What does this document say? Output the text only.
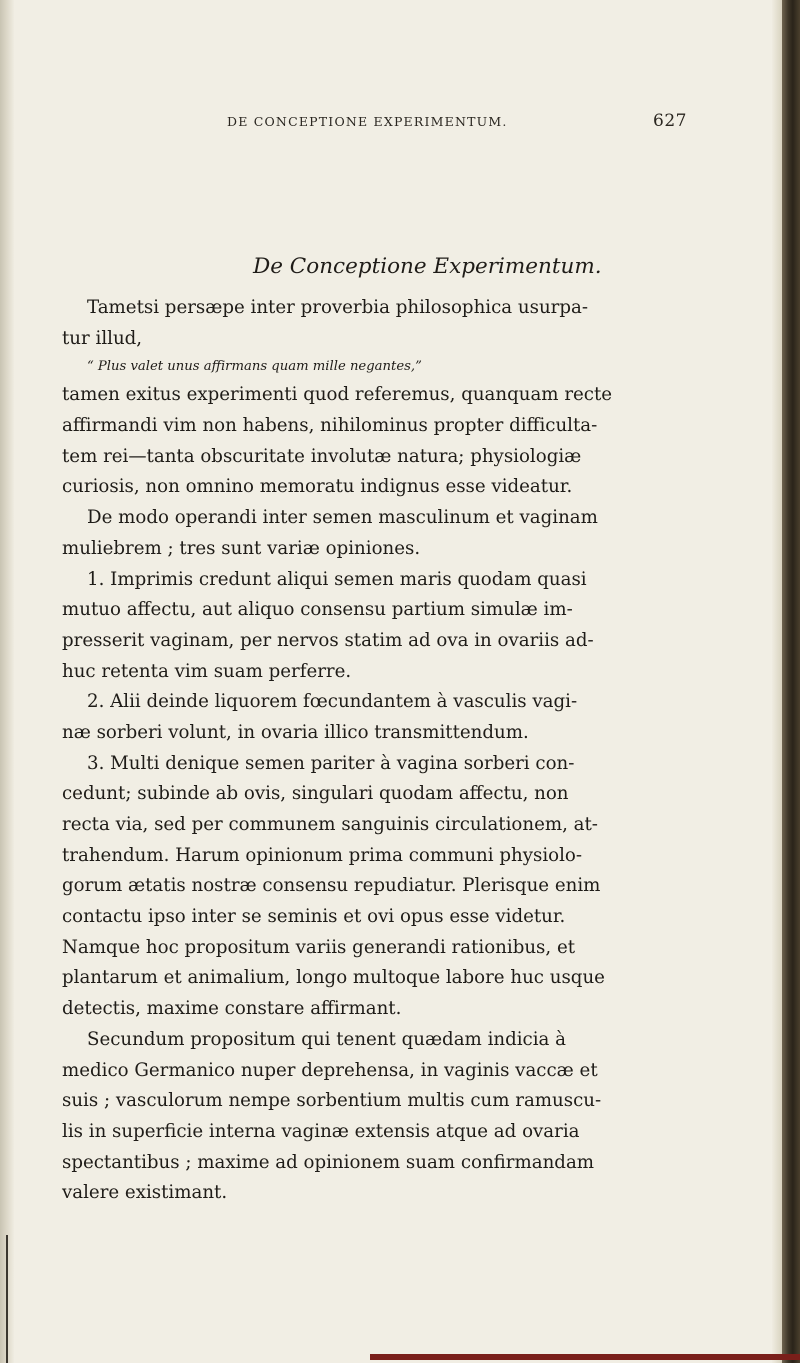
DE CONCEPTIONE EXPERIMENTUM.	627
De Conceptione Experimentum.
Tametsi persæpe inter proverbia philosophica usurpa-
tur illud,
“ Plus valet unus affirmans quam mille negantes,”
tamen exitus experimenti quod referemus, quanquam recte
affirmandi vim non habens, nihilominus propter difficulta-
tem rei—tanta obscuritate involutæ natura; physiologiæ
curiosis, non omnino memoratu indignus esse videatur.
De modo operandi inter semen masculinum et vaginam
muliebrem ; tres sunt variæ opiniones.
1. Imprimis credunt aliqui semen maris quodam quasi
mutuo affectu, aut aliquo consensu partium simulæ im-
presserit vaginam, per nervos statim ad ova in ovariis ad-
huc retenta vim suam perferre.
2. Alii deinde liquorem fœcundantem à vasculis vagi-
næ sorberi volunt, in ovaria illico transmittendum.
3. Multi denique semen pariter à vagina sorberi con-
cedunt; subinde ab ovis, singulari quodam affectu, non
recta via, sed per communem sanguinis circulationem, at-
trahendum. Harum opinionum prima communi physiolo-
gorum ætatis nostræ consensu repudiatur. Plerisque enim
contactu ipso inter se seminis et ovi opus esse videtur.
Namque hoc propositum variis generandi rationibus, et
plantarum et animalium, longo multoque labore huc usque
detectis, maxime constare affirmant.
Secundum propositum qui tenent quædam indicia à
medico Germanico nuper deprehensa, in vaginis vaccæ et
suis ; vasculorum nempe sorbentium multis cum ramuscu-
lis in superficie interna vaginæ extensis atque ad ovaria
spectantibus ; maxime ad opinionem suam confirmandam
valere existimant.
